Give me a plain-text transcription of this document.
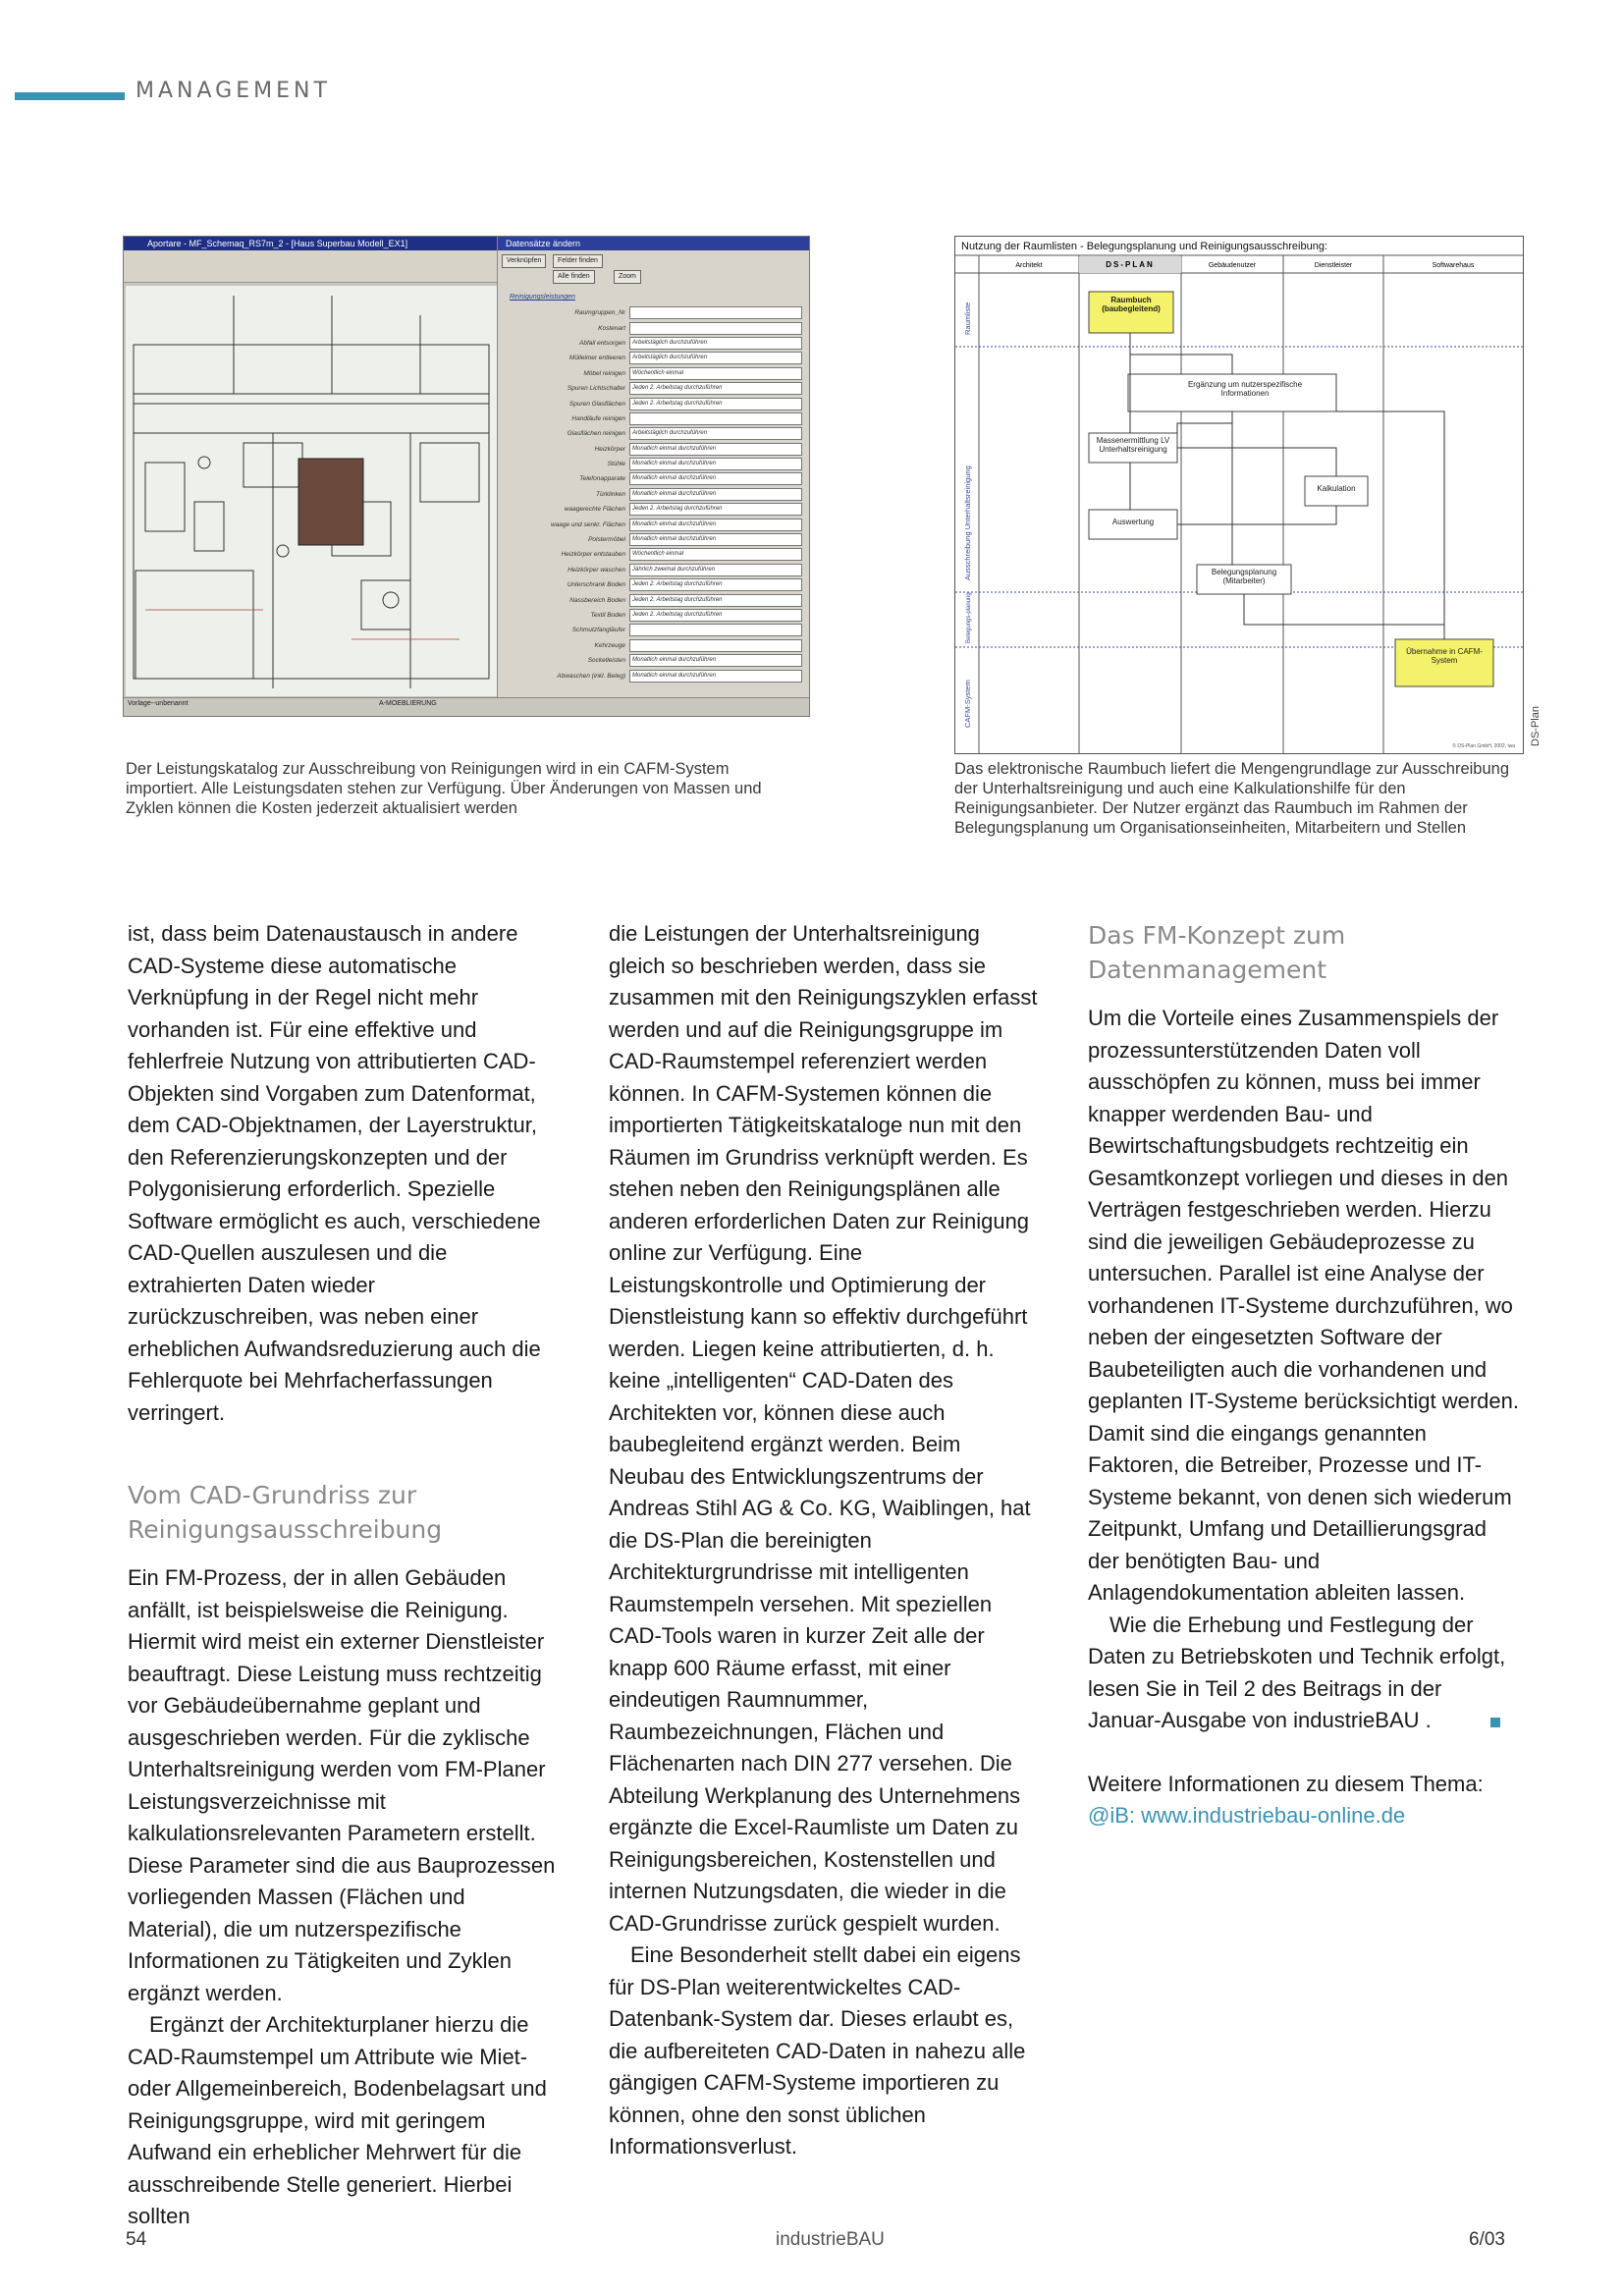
MANAGEMENT
Aportare - MF_Schemaq_RS7m_2 - [Haus Superbau Modell_EX1]	Datensätze ändern
Verknüpfen	Felder finden
Alle finden	Zoom
Reinigungsleistungen
Raumgruppen_Nr
Kostenart
Abfall entsorgen	Arbeitstäglich durchzuführen
Mülleimer entleeren	Arbeitstäglich durchzuführen
Möbel reinigen	Wöchentlich einmal
Spuren Lichtschalter	Jeden 2. Arbeitstag durchzuführen
Spuren Glasflächen	Jeden 2. Arbeitstag durchzuführen
Handläufe reinigen
Glasflächen reinigen	Arbeitstäglich durchzuführen
Heizkörper	Monatlich einmal durchzuführen
Stühle	Monatlich einmal durchzuführen
Telefonapparate	Monatlich einmal durchzuführen
Türklinken	Monatlich einmal durchzuführen
waagerechte Flächen	Jeden 2. Arbeitstag durchzuführen
waage und senkr. Flächen	Monatlich einmal durchzuführen
Polstermöbel	Monatlich einmal durchzuführen
Heizkörper entstauben	Wöchentlich einmal
Heizkörper waschen	Jährlich zweimal durchzuführen
Unterschrank Boden	Jeden 2. Arbeitstag durchzuführen
Nassbereich Boden	Jeden 2. Arbeitstag durchzuführen
Textil Boden	Jeden 2. Arbeitstag durchzuführen
Schmutzfangläufer
Kehrzeuge
Sockelleisten	Monatlich einmal durchzuführen
Abwaschen (inkl. Beleg)	Monatlich einmal durchzuführen
Vorlage--unbenannt	A-MOEBLIERUNG
Der Leistungskatalog zur Ausschreibung von Reinigungen wird in ein CAFM-System importiert. Alle Leistungsdaten stehen zur Verfügung. Über Änderungen von Massen und Zyklen können die Kosten jederzeit aktualisiert werden
Nutzung der Raumlisten - Belegungsplanung und Reinigungsausschreibung:
Architekt	DS-PLAN	Gebäudenutzer	Dienstleister	Softwarehaus
Raumliste
Ausschreibung Unterhaltsreinigung
Belegungs-planung
CAFM-System
Raumbuch (baubegleitend)
Ergänzung um nutzerspezifische Informationen
Massenermittlung LV Unterhaltsreinigung
Kalkulation
Auswertung
Belegungsplanung (Mitarbeiter)
Übernahme in CAFM-System
© DS-Plan GmbH, 2002, iwa DS-Plan
Das elektronische Raumbuch liefert die Mengengrundlage zur Ausschreibung der Unterhaltsreinigung und auch eine Kalkulationshilfe für den Reinigungsanbieter. Der Nutzer ergänzt das Raumbuch im Rahmen der Belegungsplanung um Organisationseinheiten, Mitarbeitern und Stellen

ist, dass beim Datenaustausch in andere CAD-Systeme diese automatische Verknüpfung in der Regel nicht mehr vorhanden ist. Für eine effektive und fehlerfreie Nutzung von attributierten CAD-Objekten sind Vorgaben zum Datenformat, dem CAD-Objektnamen, der Layerstruktur, den Referenzierungskonzepten und der Polygonisierung erforderlich. Spezielle Software ermöglicht es auch, verschiedene CAD-Quellen auszulesen und die extrahierten Daten wieder zurückzuschreiben, was neben einer erheblichen Aufwandsreduzierung auch die Fehlerquote bei Mehrfacherfassungen verringert.

Vom CAD-Grundriss zur Reinigungsausschreibung

Ein FM-Prozess, der in allen Gebäuden anfällt, ist beispielsweise die Reinigung. Hiermit wird meist ein externer Dienstleister beauftragt. Diese Leistung muss rechtzeitig vor Gebäudeübernahme geplant und ausgeschrieben werden. Für die zyklische Unterhaltsreinigung werden vom FM-Planer Leistungsverzeichnisse mit kalkulationsrelevanten Parametern erstellt. Diese Parameter sind die aus Bauprozessen vorliegenden Massen (Flächen und Material), die um nutzerspezifische Informationen zu Tätigkeiten und Zyklen ergänzt werden.

Ergänzt der Architekturplaner hierzu die CAD-Raumstempel um Attribute wie Miet- oder Allgemeinbereich, Bodenbelagsart und Reinigungsgruppe, wird mit geringem Aufwand ein erheblicher Mehrwert für die ausschreibende Stelle generiert. Hierbei sollten

die Leistungen der Unterhaltsreinigung gleich so beschrieben werden, dass sie zusammen mit den Reinigungszyklen erfasst werden und auf die Reinigungsgruppe im CAD-Raumstempel referenziert werden können. In CAFM-Systemen können die importierten Tätigkeitskataloge nun mit den Räumen im Grundriss verknüpft werden. Es stehen neben den Reinigungsplänen alle anderen erforderlichen Daten zur Reinigung online zur Verfügung. Eine Leistungskontrolle und Optimierung der Dienstleistung kann so effektiv durchgeführt werden. Liegen keine attributierten, d. h. keine „intelligenten“ CAD-Daten des Architekten vor, können diese auch baubegleitend ergänzt werden. Beim Neubau des Entwicklungszentrums der Andreas Stihl AG & Co. KG, Waiblingen, hat die DS-Plan die bereinigten Architekturgrundrisse mit intelligenten Raumstempeln versehen. Mit speziellen CAD-Tools waren in kurzer Zeit alle der knapp 600 Räume erfasst, mit einer eindeutigen Raumnummer, Raumbezeichnungen, Flächen und Flächenarten nach DIN 277 versehen. Die Abteilung Werkplanung des Unternehmens ergänzte die Excel-Raumliste um Daten zu Reinigungsbereichen, Kostenstellen und internen Nutzungsdaten, die wieder in die CAD-Grundrisse zurück gespielt wurden.

Eine Besonderheit stellt dabei ein eigens für DS-Plan weiterentwickeltes CAD-Datenbank-System dar. Dieses erlaubt es, die aufbereiteten CAD-Daten in nahezu alle gängigen CAFM-Systeme importieren zu können, ohne den sonst üblichen Informationsverlust.

Das FM-Konzept zum Datenmanagement

Um die Vorteile eines Zusammenspiels der prozessunterstützenden Daten voll ausschöpfen zu können, muss bei immer knapper werdenden Bau- und Bewirtschaftungsbudgets rechtzeitig ein Gesamtkonzept vorliegen und dieses in den Verträgen festgeschrieben werden. Hierzu sind die jeweiligen Gebäudeprozesse zu untersuchen. Parallel ist eine Analyse der vorhandenen IT-Systeme durchzuführen, wo neben der eingesetzten Software der Baubeteiligten auch die vorhandenen und geplanten IT-Systeme berücksichtigt werden. Damit sind die eingangs genannten Faktoren, die Betreiber, Prozesse und IT-Systeme bekannt, von denen sich wiederum Zeitpunkt, Umfang und Detaillierungsgrad der benötigten Bau- und Anlagendokumentation ableiten lassen.

Wie die Erhebung und Festlegung der Daten zu Betriebskoten und Technik erfolgt, lesen Sie in Teil 2 des Beitrags in der Januar-Ausgabe von industrieBAU .

Weitere Informationen zu diesem Thema:

@iB: www.industriebau-online.de

54	industrieBAU	6/03
